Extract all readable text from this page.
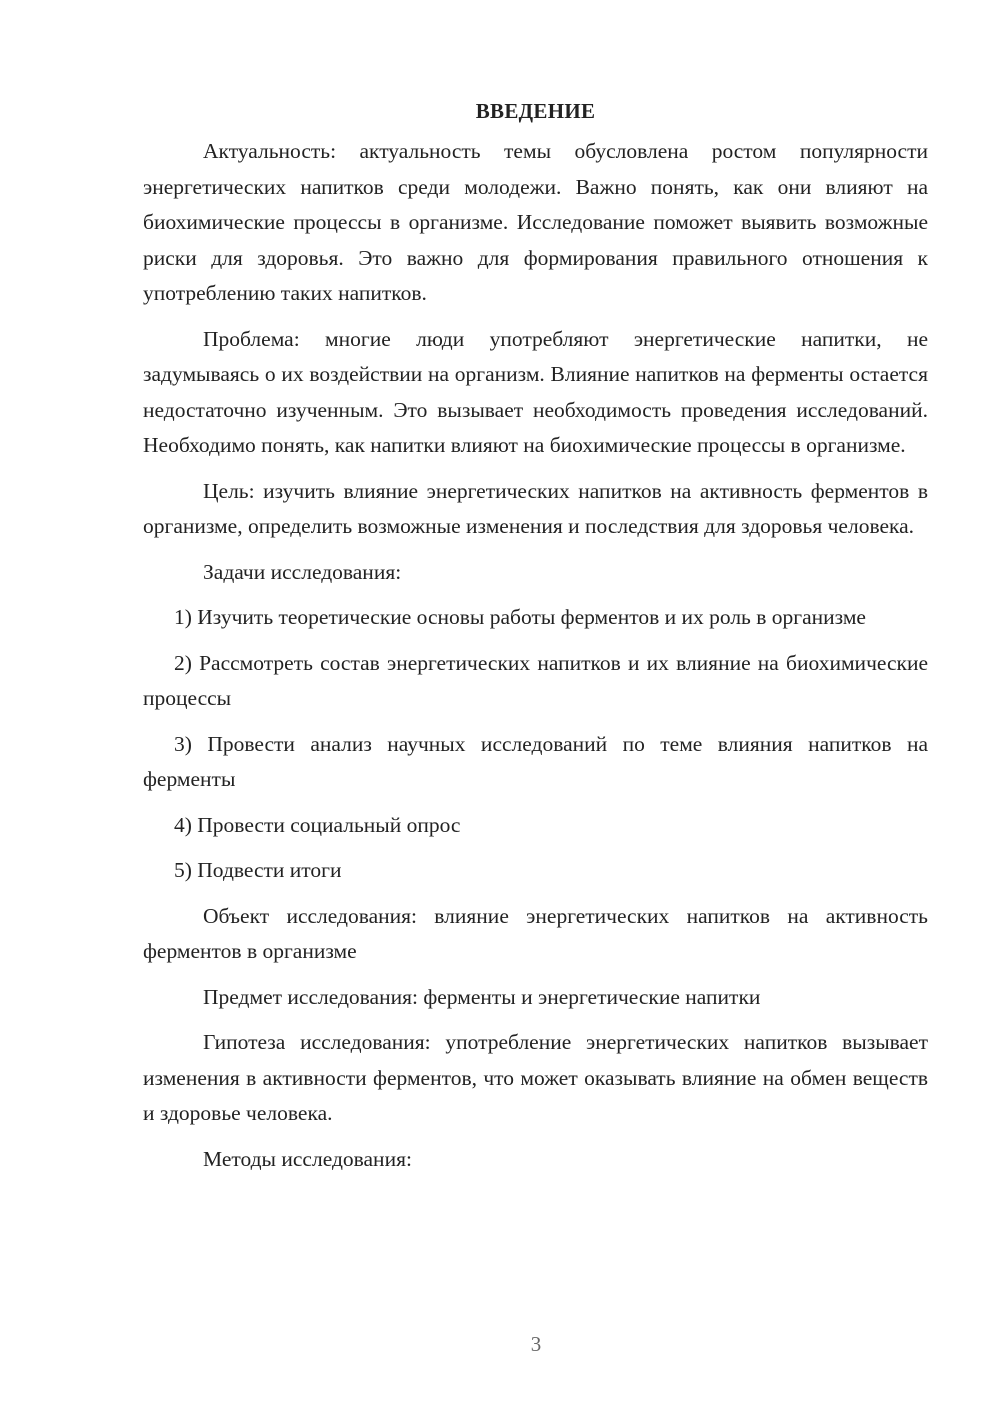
ВВЕДЕНИЕ

Актуальность: актуальность темы обусловлена ростом популярности энергетических напитков среди молодежи. Важно понять, как они влияют на биохимические процессы в организме. Исследование поможет выявить возможные риски для здоровья. Это важно для формирования правильного отношения к употреблению таких напитков.

Проблема: многие люди употребляют энергетические напитки, не задумываясь о их воздействии на организм. Влияние напитков на ферменты остается недостаточно изученным. Это вызывает необходимость проведения исследований. Необходимо понять, как напитки влияют на биохимические процессы в организме.

Цель: изучить влияние энергетических напитков на активность ферментов в организме, определить возможные изменения и последствия для здоровья человека.

Задачи исследования:

1) Изучить теоретические основы работы ферментов и их роль в организме

2) Рассмотреть состав энергетических напитков и их влияние на биохимические процессы

3) Провести анализ научных исследований по теме влияния напитков на ферменты

4) Провести социальный опрос

5) Подвести итоги

Объект исследования: влияние энергетических напитков на активность ферментов в организме

Предмет исследования: ферменты и энергетические напитки

Гипотеза исследования: употребление энергетических напитков вызывает изменения в активности ферментов, что может оказывать влияние на обмен веществ и здоровье человека.

Методы исследования:

3
